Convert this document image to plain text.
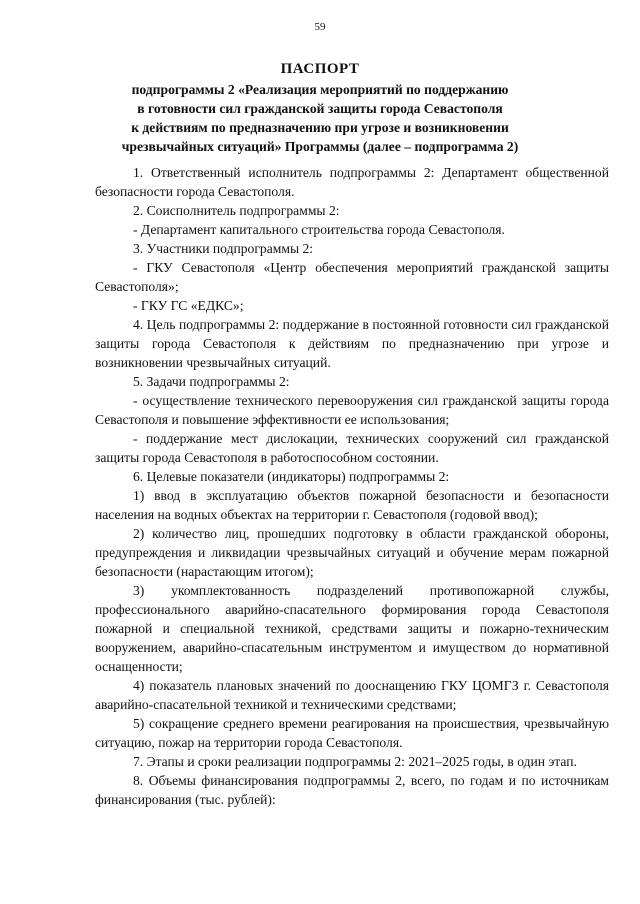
59
ПАСПОРТ
подпрограммы 2 «Реализация мероприятий по поддержанию
в готовности сил гражданской защиты города Севастополя
к действиям по предназначению при угрозе и возникновении
чрезвычайных ситуаций» Программы (далее – подпрограмма 2)

1. Ответственный исполнитель подпрограммы 2: Департамент общественной безопасности города Севастополя.

2. Соисполнитель подпрограммы 2:

- Департамент капитального строительства города Севастополя.

3. Участники подпрограммы 2:

- ГКУ Севастополя «Центр обеспечения мероприятий гражданской защиты Севастополя»;

- ГКУ ГС «ЕДКС»;

4. Цель подпрограммы 2: поддержание в постоянной готовности сил гражданской защиты города Севастополя к действиям по предназначению при угрозе и возникновении чрезвычайных ситуаций.

5. Задачи подпрограммы 2:

- осуществление технического перевооружения сил гражданской защиты города Севастополя и повышение эффективности ее использования;

- поддержание мест дислокации, технических сооружений сил гражданской защиты города Севастополя в работоспособном состоянии.

6. Целевые показатели (индикаторы) подпрограммы 2:

1) ввод в эксплуатацию объектов пожарной безопасности и безопасности населения на водных объектах на территории г. Севастополя (годовой ввод);

2) количество лиц, прошедших подготовку в области гражданской обороны, предупреждения и ликвидации чрезвычайных ситуаций и обучение мерам пожарной безопасности (нарастающим итогом);

3) укомплектованность подразделений противопожарной службы, профессионального аварийно-спасательного формирования города Севастополя пожарной и специальной техникой, средствами защиты и пожарно-техническим вооружением, аварийно-спасательным инструментом и имуществом до нормативной оснащенности;

4) показатель плановых значений по дооснащению ГКУ ЦОМГЗ г. Севастополя аварийно-спасательной техникой и техническими средствами;

5) сокращение среднего времени реагирования на происшествия, чрезвычайную ситуацию, пожар на территории города Севастополя.

7. Этапы и сроки реализации подпрограммы 2: 2021–2025 годы, в один этап.

8. Объемы финансирования подпрограммы 2, всего, по годам и по источникам финансирования (тыс. рублей):
